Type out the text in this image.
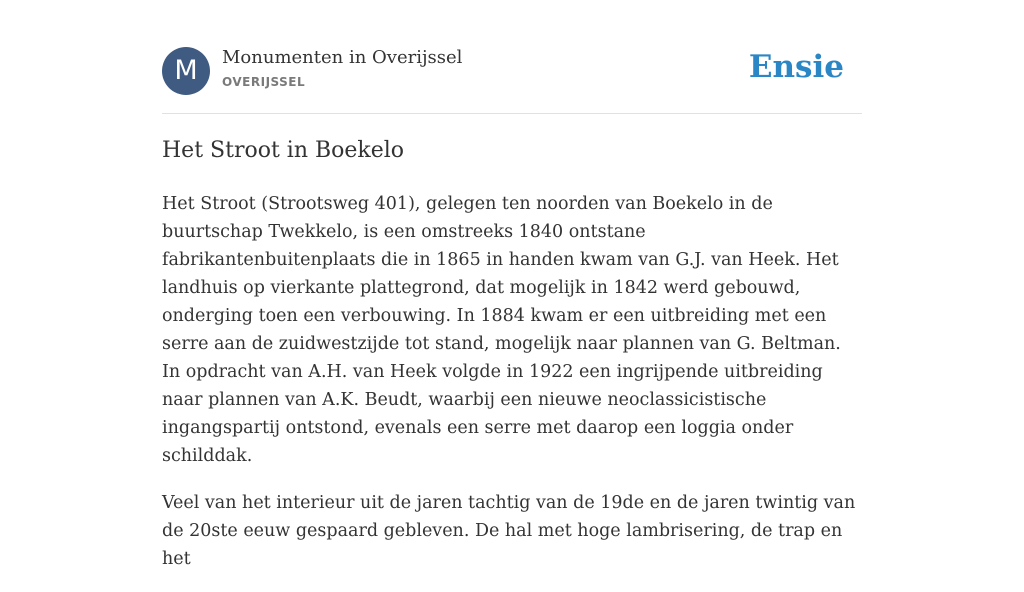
M	Monumenten in Overijssel
OVERIJSSEL	Ensie
Het Stroot in Boekelo

Het Stroot (Strootsweg 401), gelegen ten noorden van Boekelo in de buurtschap Twekkelo, is een omstreeks 1840 ontstane fabrikantenbuitenplaats die in 1865 in handen kwam van G.J. van Heek. Het landhuis op vierkante plattegrond, dat mogelijk in 1842 werd gebouwd, onderging toen een verbouwing. In 1884 kwam er een uitbreiding met een serre aan de zuidwestzijde tot stand, mogelijk naar plannen van G. Beltman. In opdracht van A.H. van Heek volgde in 1922 een ingrijpende uitbreiding naar plannen van A.K. Beudt, waarbij een nieuwe neoclassicistische ingangspartij ontstond, evenals een serre met daarop een loggia onder schilddak.

Veel van het interieur uit de jaren tachtig van de 19de en de jaren twintig van de 20ste eeuw gespaard gebleven. De hal met hoge lambrisering, de trap en het
